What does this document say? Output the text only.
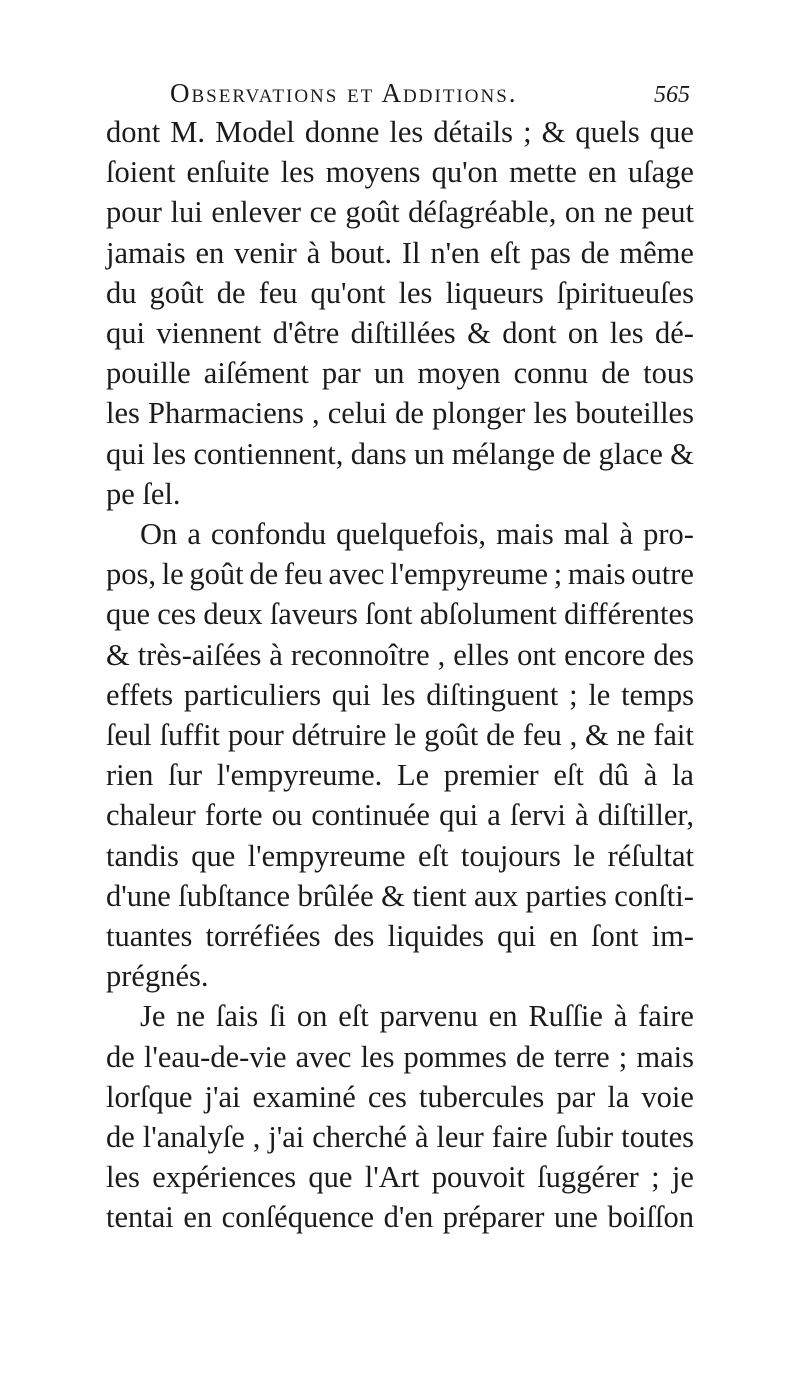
Observations et Additions.	565
dont M. Model donne les détails ; & quels que
ſoient enſuite les moyens qu'on mette en uſage
pour lui enlever ce goût déſagréable, on ne peut
jamais en venir à bout. Il n'en eſt pas de même
du goût de feu qu'ont les liqueurs ſpiritueuſes
qui viennent d'être diſtillées & dont on les dé-
pouille aiſément par un moyen connu de tous
les Pharmaciens , celui de plonger les bouteilles
qui les contiennent, dans un mélange de glace &
pe ſel.
On a confondu quelquefois, mais mal à pro-
pos, le goût de feu avec l'empyreume ; mais outre
que ces deux ſaveurs ſont abſolument différentes
& très-aiſées à reconnoître , elles ont encore des
effets particuliers qui les diſtinguent ; le temps
ſeul ſuffit pour détruire le goût de feu , & ne fait
rien ſur l'empyreume. Le premier eſt dû à la
chaleur forte ou continuée qui a ſervi à diſtiller,
tandis que l'empyreume eſt toujours le réſultat
d'une ſubſtance brûlée & tient aux parties conſti-
tuantes torréfiées des liquides qui en ſont im-
prégnés.
Je ne ſais ſi on eſt parvenu en Ruſſie à faire
de l'eau-de-vie avec les pommes de terre ; mais
lorſque j'ai examiné ces tubercules par la voie
de l'analyſe , j'ai cherché à leur faire ſubir toutes
les expériences que l'Art pouvoit ſuggérer ; je
tentai en conſéquence d'en préparer une boiſſon
